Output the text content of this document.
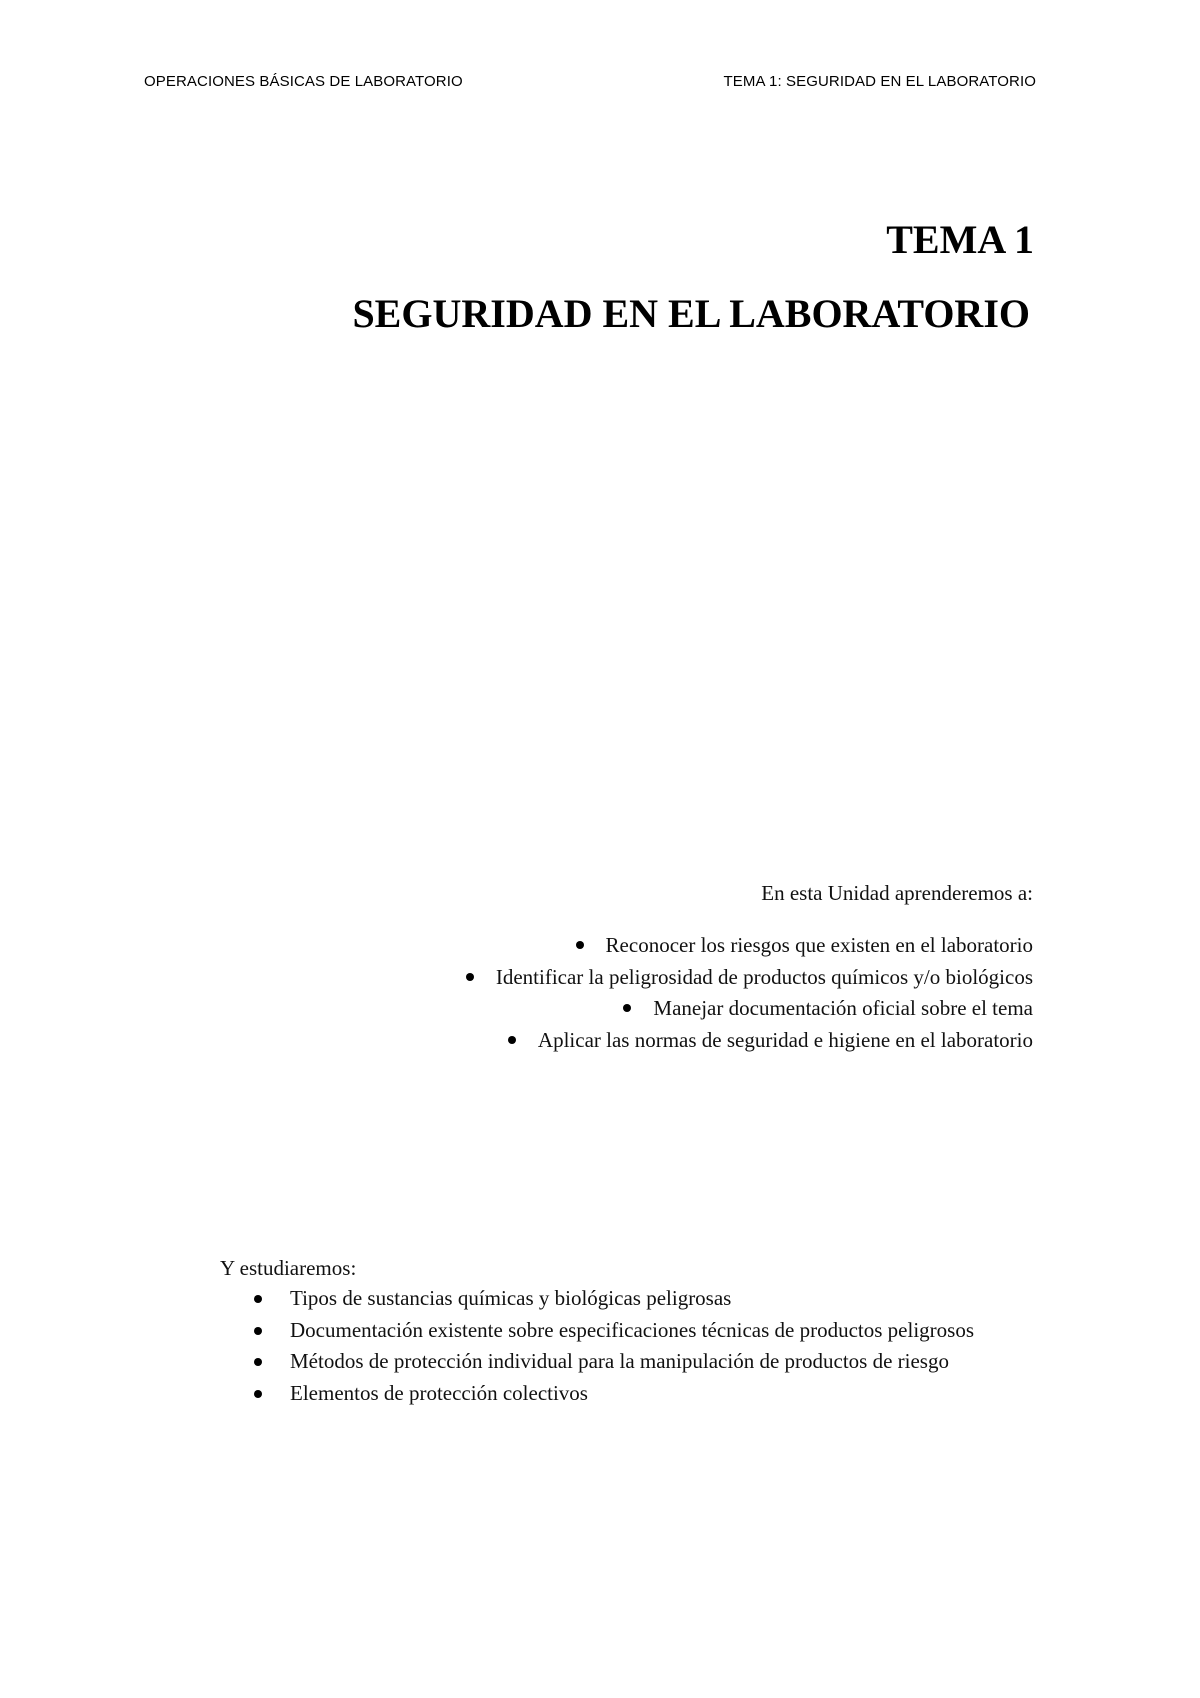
OPERACIONES BÁSICAS DE LABORATORIO	TEMA 1: SEGURIDAD EN EL LABORATORIO
TEMA 1
SEGURIDAD EN EL LABORATORIO
En esta Unidad aprenderemos a:
Reconocer los riesgos que existen en el laboratorio
Identificar la peligrosidad de productos químicos y/o biológicos
Manejar documentación oficial sobre el tema
Aplicar las normas de seguridad e higiene en el laboratorio
Y estudiaremos:
Tipos de sustancias químicas y biológicas peligrosas
Documentación existente sobre especificaciones técnicas de productos peligrosos
Métodos de protección individual para la manipulación de productos de riesgo
Elementos de protección colectivos
